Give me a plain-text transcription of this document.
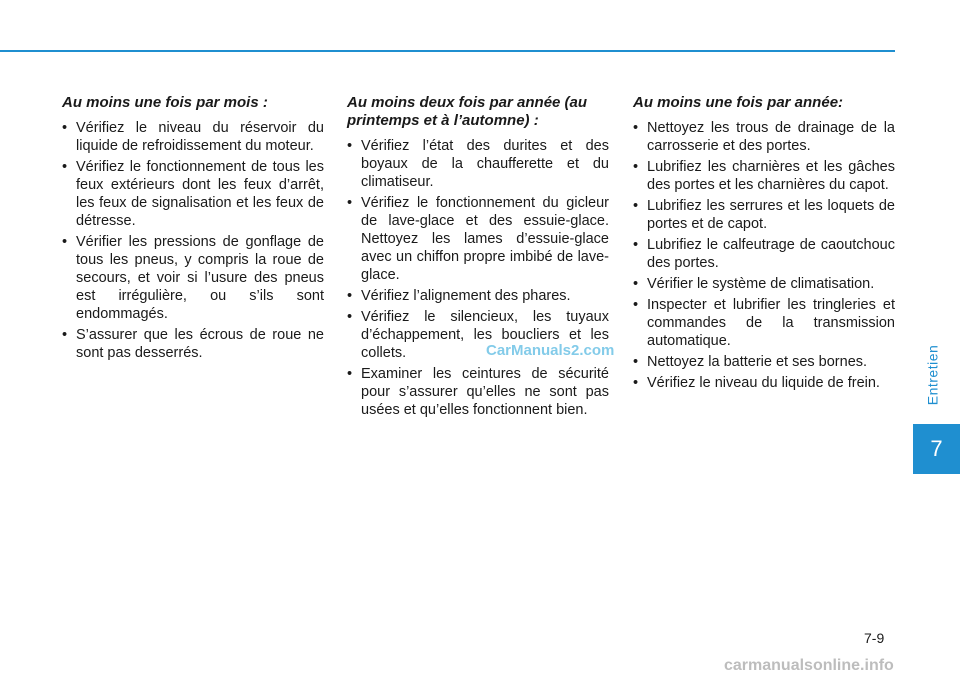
Au moins une fois par mois :
• Vérifiez le niveau du réservoir du liquide de refroidissement du moteur.
• Vérifiez le fonctionnement de tous les feux extérieurs dont les feux d’arrêt, les feux de signalisation et les feux de détresse.
• Vérifier les pressions de gonflage de tous les pneus, y compris la roue de secours, et voir si l’usure des pneus est irrégulière, ou s’ils sont endommagés.
• S’assurer que les écrous de roue ne sont pas desserrés.
Au moins deux fois par année (au printemps et à l’automne) :
• Vérifiez l’état des durites et des boyaux de la chaufferette et du climatiseur.
• Vérifiez le fonctionnement du gicleur de lave-glace et des essuie-glace. Nettoyez les lames d’essuie-glace avec un chiffon propre imbibé de lave-glace.
• Vérifiez l’alignement des phares.
• Vérifiez le silencieux, les tuyaux d’échappement, les boucliers et les collets.
• Examiner les ceintures de sécurité pour s’assurer qu’elles ne sont pas usées et qu’elles fonctionnent bien.
Au moins une fois par année:
• Nettoyez les trous de drainage de la carrosserie et des portes.
• Lubrifiez les charnières et les gâches des portes et les charnières du capot.
• Lubrifiez les serrures et les loquets de portes et de capot.
• Lubrifiez le calfeutrage de caoutchouc des portes.
• Vérifier le système de climatisation.
• Inspecter et lubrifier les tringleries et commandes de la transmission automatique.
• Nettoyez la batterie et ses bornes.
• Vérifiez le niveau du liquide de frein.	Entretien
7
7-9
CarManuals2.com
carmanualsonline.info
